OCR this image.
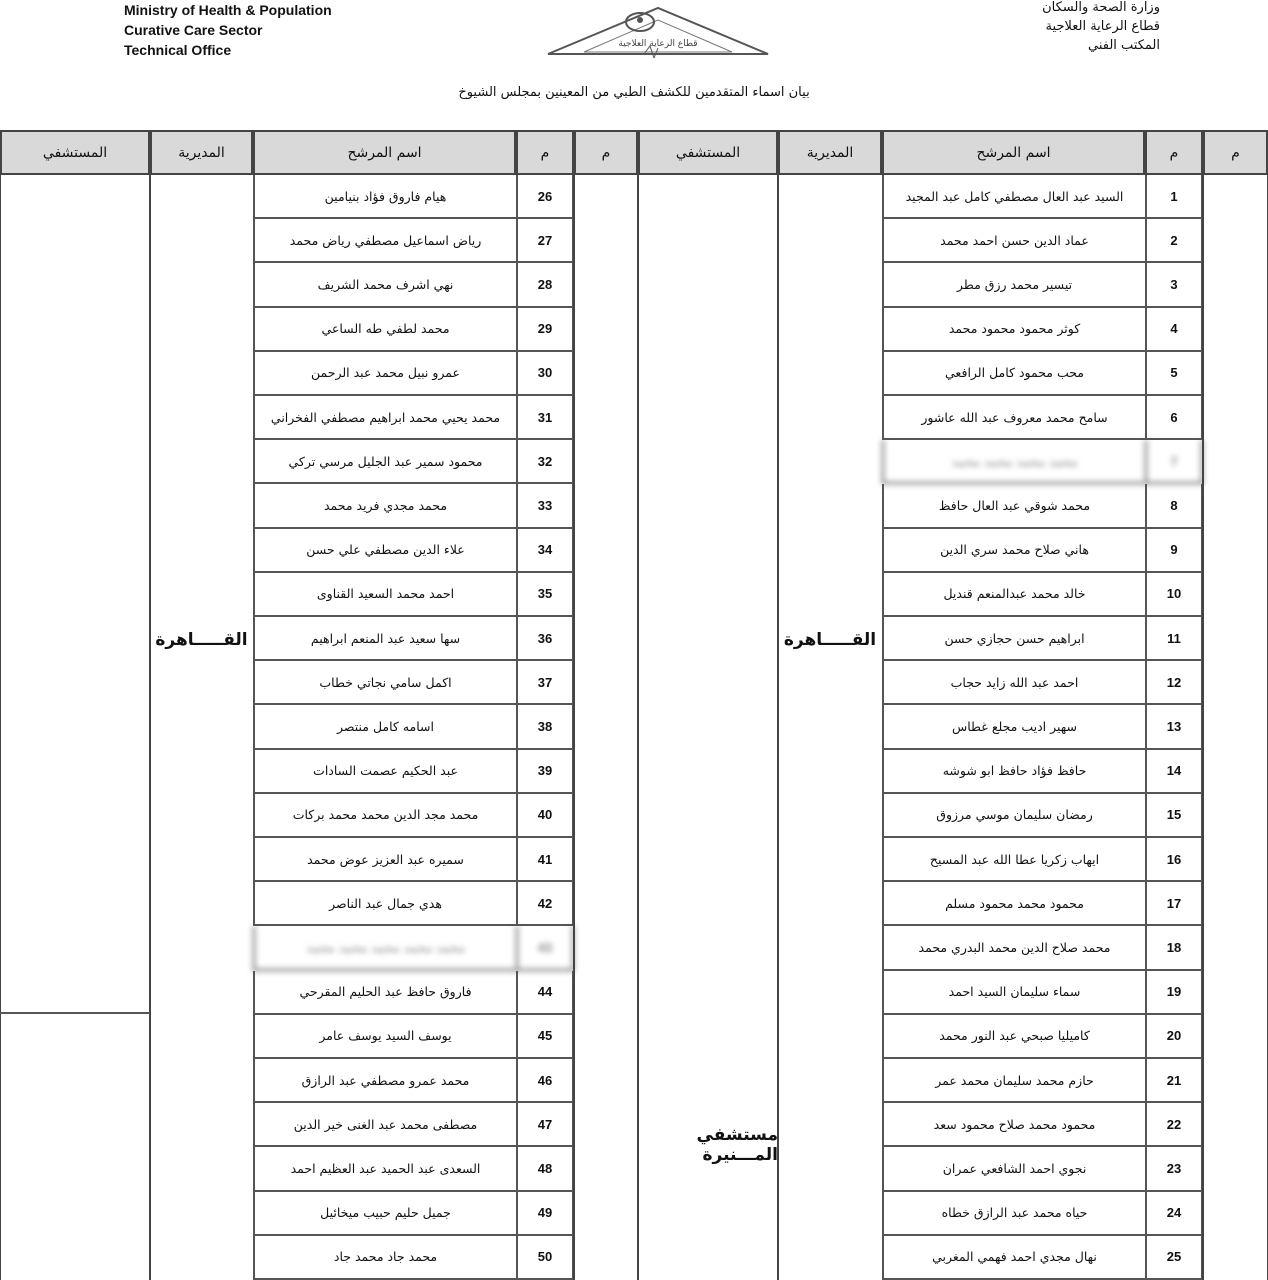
Ministry of Health & Population
Curative Care Sector
Technical Office	قطاع الرعاية العلاجية
وزارة الصحة والسكان
قطاع الرعاية العلاجية
المكتب الفني
بيان اسماء المتقدمين للكشف الطبي من المعينين بمجلس الشيوخ
م
م
اسم المرشح
المديرية
المستشفي
م
م
اسم المرشح
المديرية
المستشفي
1
السيد عبد العال مصطفي كامل عبد المجيد
2
عماد الدين حسن احمد محمد
3
تيسير محمد رزق مطر
4
كوثر محمود محمود محمد
5
محب محمود كامل الرافعي
6
سامح محمد معروف عبد الله عاشور
7
محمد محمد محمد محمد
8
محمد شوقي عبد العال حافظ
9
هاني صلاح محمد سري الدين
10
خالد محمد عبدالمنعم قنديل
11
ابراهيم حسن حجازي حسن
12
احمد عبد الله زايد حجاب
13
سهير اديب مجلع غطاس
14
حافظ فؤاد حافظ ابو شوشه
15
رمضان سليمان موسي مرزوق
16
ايهاب زكريا عطا الله عبد المسيح
17
محمود محمد محمود مسلم
18
محمد صلاح الدين محمد البدري محمد
19
سماء سليمان السيد احمد
20
كاميليا صبحي عبد النور محمد
21
حازم محمد سليمان محمد عمر
22
محمود محمد صلاح محمود سعد
23
نجوي احمد الشافعي عمران
24
حياه محمد عبد الرازق خطاه
25
نهال مجدي احمد فهمي المغربي
26
هيام فاروق فؤاد بنيامين
27
رياض اسماعيل مصطفي رياض محمد
28
نهي اشرف محمد الشريف
29
محمد لطفي طه الساعي
30
عمرو نبيل محمد عبد الرحمن
31
محمد يحيي محمد ابراهيم مصطفي الفخراني
32
محمود سمير عبد الجليل مرسي تركي
33
محمد مجدي فريد محمد
34
علاء الدين مصطفي علي حسن
35
احمد محمد السعيد القناوى
36
سها سعيد عبد المنعم ابراهيم
37
اكمل سامي نجاتي خطاب
38
اسامه كامل منتصر
39
عبد الحكيم عصمت السادات
40
محمد مجد الدين محمد محمد بركات
41
سميره عبد العزيز عوض محمد
42
هدي جمال عبد الناصر
43
محمد محمد محمد محمد محمد
44
فاروق حافظ عبد الحليم المقرحي
45
يوسف السيد يوسف عامر
46
محمد عمرو مصطفي عبد الرازق
47
مصطفى محمد عبد الغنى خير الدين
48
السعدى عبد الحميد عبد العظيم احمد
49
جميل حليم حبيب ميخائيل
50
محمد جاد محمد جاد
القـــــاهرة
مستشفي المـــنيرة
القـــــاهرة
